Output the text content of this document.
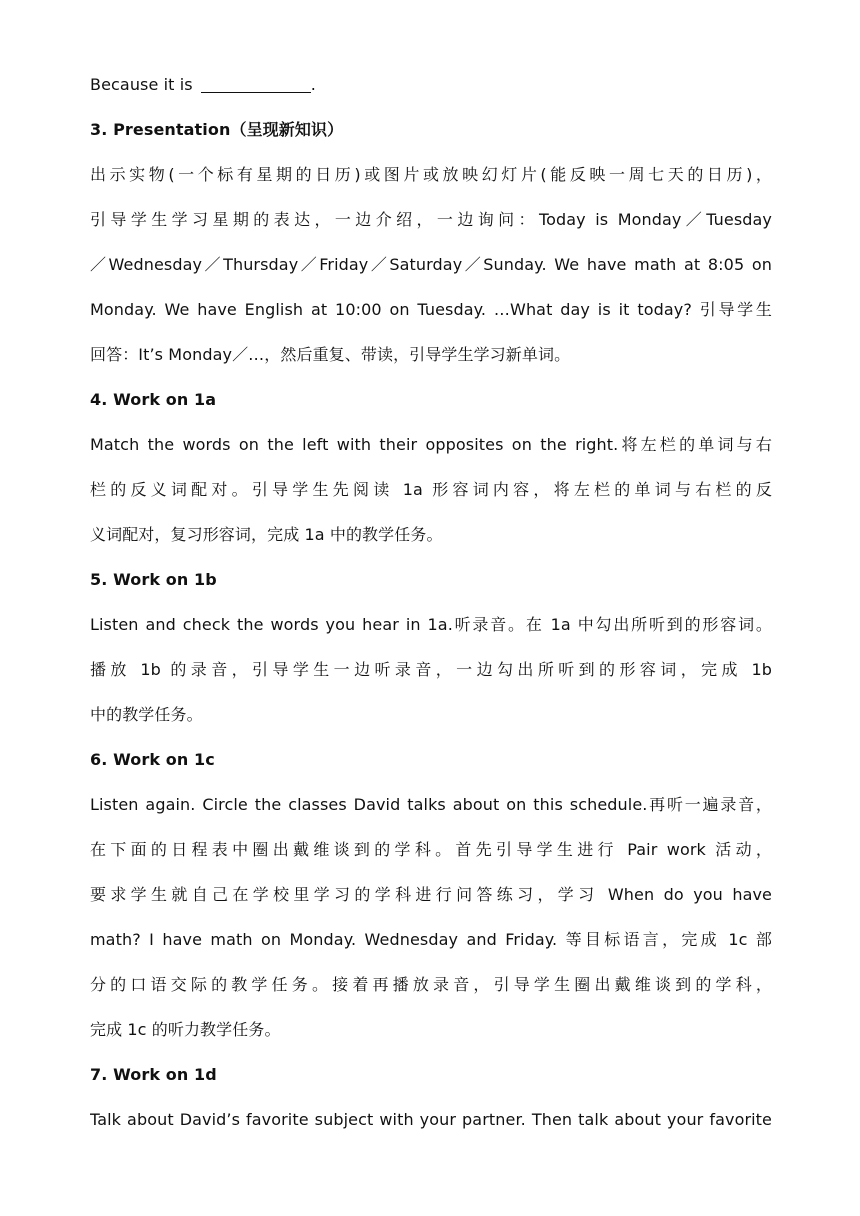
Because it is	.
3. Presentation（呈现新知识）
出示实物(一个标有星期的日历)或图片或放映幻灯片(能反映一周七天的日历)，
引导学生学习星期的表达，一边介绍，一边询问：Today is Monday／Tuesday
／Wednesday／Thursday／Friday／Saturday／Sunday. We have math at 8:05 on
Monday. We have English at 10:00 on Tuesday. …What day is it today? 引导学生
回答：It’s Monday／…，然后重复、带读，引导学生学习新单词。
4. Work on 1a
Match the words on the left with their opposites on the right.将左栏的单词与右
栏的反义词配对。引导学生先阅读 1a 形容词内容，将左栏的单词与右栏的反
义词配对，复习形容词，完成 1a 中的教学任务。
5. Work on 1b
Listen and check the words you hear in 1a.听录音。在 1a 中勾出所听到的形容词。
播放 1b 的录音，引导学生一边听录音，一边勾出所听到的形容词，完成 1b
中的教学任务。
6. Work on 1c
Listen again. Circle the classes David talks about on this schedule.再听一遍录音，
在下面的日程表中圈出戴维谈到的学科。首先引导学生进行 Pair work 活动，
要求学生就自己在学校里学习的学科进行问答练习，学习 When do you have
math? I have math on Monday. Wednesday and Friday. 等目标语言，完成 1c 部
分的口语交际的教学任务。接着再播放录音，引导学生圈出戴维谈到的学科，
完成 1c 的听力教学任务。
7. Work on 1d
Talk about David’s favorite subject with your partner. Then talk about your favorite
